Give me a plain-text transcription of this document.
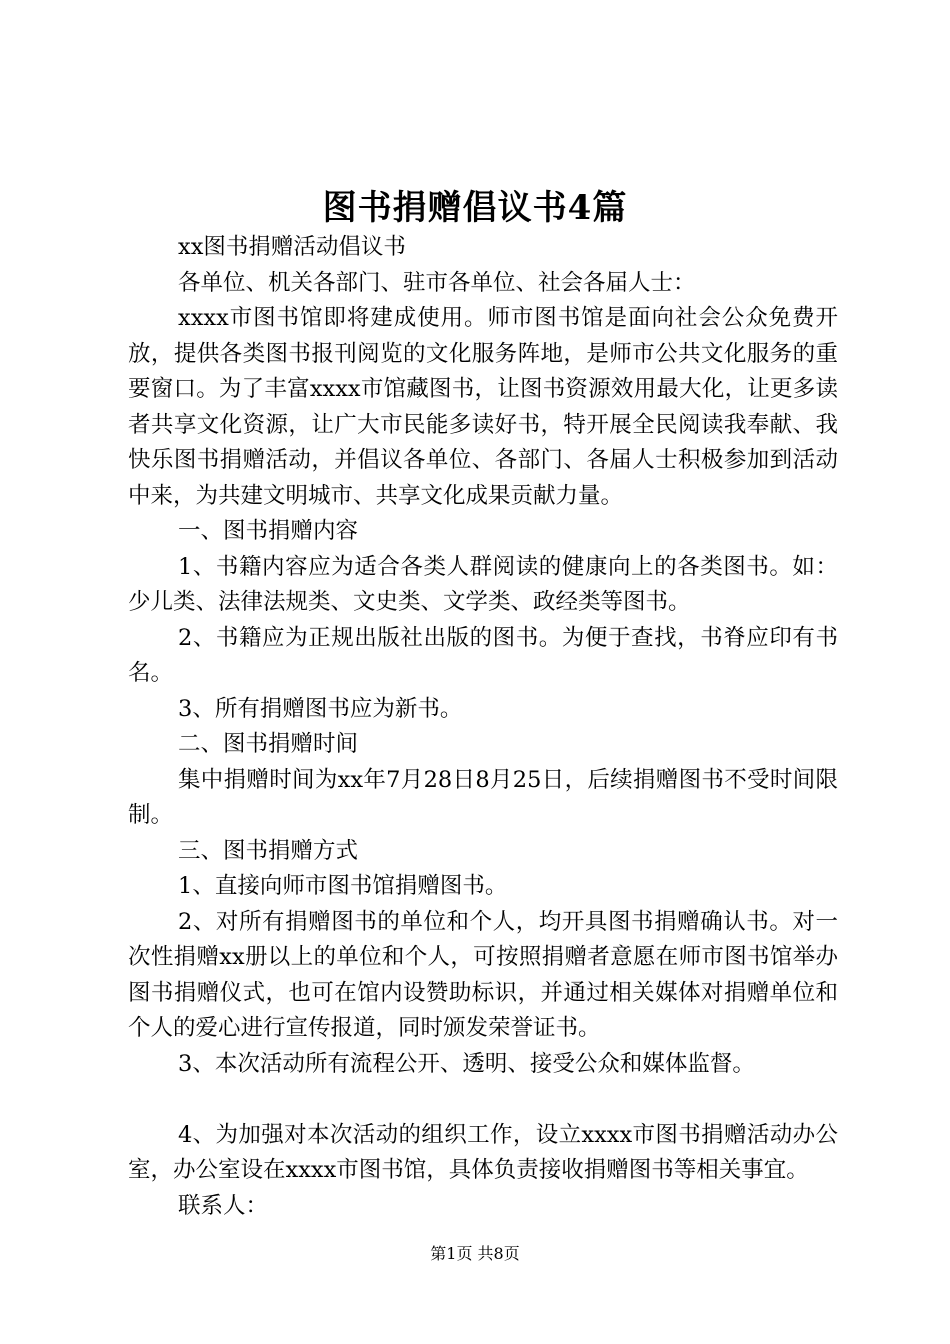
图书捐赠倡议书4篇

xx图书捐赠活动倡议书

各单位、机关各部门、驻市各单位、社会各届人士：

xxxx市图书馆即将建成使用。师市图书馆是面向社会公众免费开放，提供各类图书报刊阅览的文化服务阵地，是师市公共文化服务的重要窗口。为了丰富xxxx市馆藏图书，让图书资源效用最大化，让更多读者共享文化资源，让广大市民能多读好书，特开展全民阅读我奉献、我快乐图书捐赠活动，并倡议各单位、各部门、各届人士积极参加到活动中来，为共建文明城市、共享文化成果贡献力量。

一、图书捐赠内容

1、书籍内容应为适合各类人群阅读的健康向上的各类图书。如：少儿类、法律法规类、文史类、文学类、政经类等图书。

2、书籍应为正规出版社出版的图书。为便于查找，书脊应印有书名。

3、所有捐赠图书应为新书。

二、图书捐赠时间

集中捐赠时间为xx年7月28日8月25日，后续捐赠图书不受时间限制。

三、图书捐赠方式

1、直接向师市图书馆捐赠图书。

2、对所有捐赠图书的单位和个人，均开具图书捐赠确认书。对一次性捐赠xx册以上的单位和个人，可按照捐赠者意愿在师市图书馆举办图书捐赠仪式，也可在馆内设赞助标识，并通过相关媒体对捐赠单位和个人的爱心进行宣传报道，同时颁发荣誉证书。

3、本次活动所有流程公开、透明、接受公众和媒体监督。

4、为加强对本次活动的组织工作，设立xxxx市图书捐赠活动办公室，办公室设在xxxx市图书馆，具体负责接收捐赠图书等相关事宜。

联系人：

第1页 共8页
